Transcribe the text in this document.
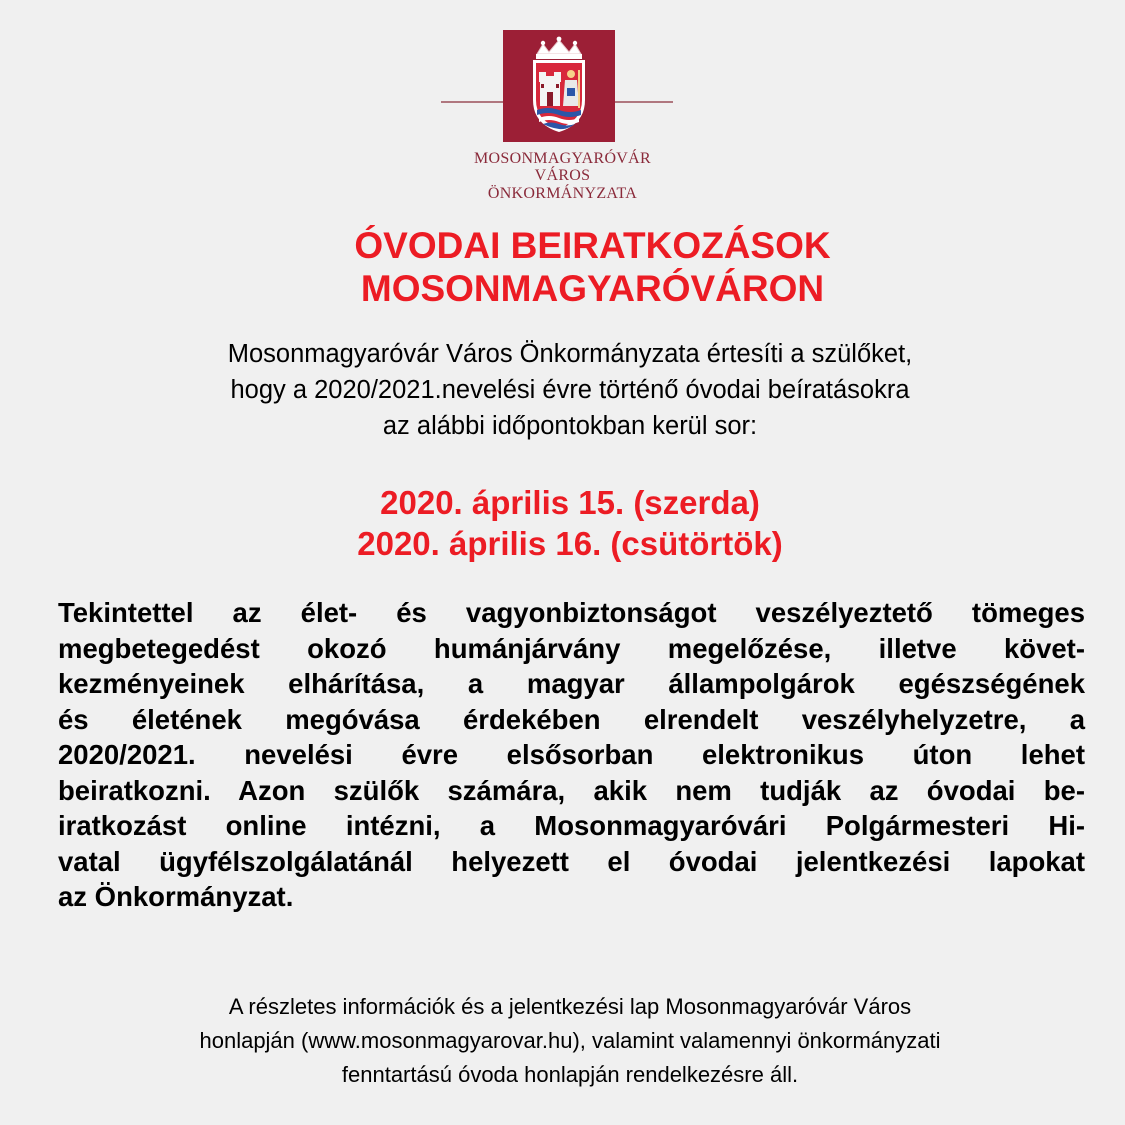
MOSONMAGYARÓVÁR
VÁROS
ÖNKORMÁNYZATA
ÓVODAI BEIRATKOZÁSOK
MOSONMAGYARÓVÁRON
Mosonmagyaróvár Város Önkormányzata értesíti a szülőket,
hogy a 2020/2021.nevelési évre történő óvodai beíratásokra
az alábbi időpontokban kerül sor:
2020. április 15. (szerda)
2020. április 16. (csütörtök)
Tekintettel az élet- és vagyonbiztonságot veszélyeztető tömeges
megbetegedést okozó humánjárvány megelőzése, illetve követ-
kezményeinek elhárítása, a magyar állampolgárok egészségének
és életének megóvása érdekében elrendelt veszélyhelyzetre, a
2020/2021. nevelési évre elsősorban elektronikus úton lehet
beiratkozni. Azon szülők számára, akik nem tudják az óvodai be-
iratkozást online intézni, a Mosonmagyaróvári Polgármesteri Hi-
vatal ügyfélszolgálatánál helyezett el óvodai jelentkezési lapokat
az Önkormányzat.
A részletes információk és a jelentkezési lap Mosonmagyaróvár Város
honlapján (www.mosonmagyarovar.hu), valamint valamennyi önkormányzati
fenntartású óvoda honlapján rendelkezésre áll.
